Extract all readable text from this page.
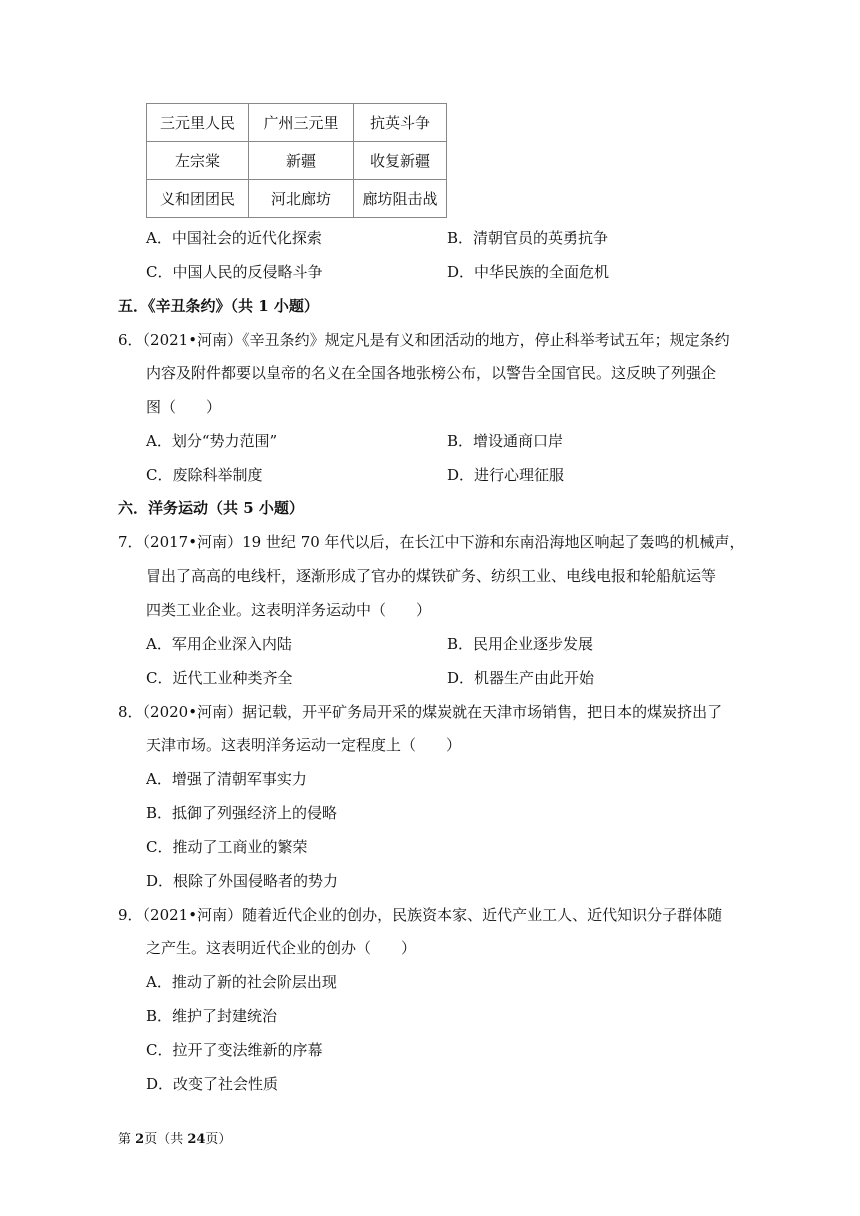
三元里人民	广州三元里	抗英斗争
左宗棠	新疆	收复新疆
义和团团民	河北廊坊	廊坊阻击战
A．中国社会的近代化探索	B．清朝官员的英勇抗争
C．中国人民的反侵略斗争	D．中华民族的全面危机
五．《辛丑条约》（共 1 小题）
6．（2021•河南）《辛丑条约》规定凡是有义和团活动的地方，停止科举考试五年；规定条约
内容及附件都要以皇帝的名义在全国各地张榜公布，以警告全国官民。这反映了列强企
图（　　）
A．划分“势力范围”	B．增设通商口岸
C．废除科举制度	D．进行心理征服
六．洋务运动（共 5 小题）
7．（2017•河南）19 世纪 70 年代以后，在长江中下游和东南沿海地区响起了轰鸣的机械声，
冒出了高高的电线杆，逐渐形成了官办的煤铁矿务、纺织工业、电线电报和轮船航运等
四类工业企业。这表明洋务运动中（　　）
A．军用企业深入内陆	B．民用企业逐步发展
C．近代工业种类齐全	D．机器生产由此开始
8．（2020•河南）据记载，开平矿务局开采的煤炭就在天津市场销售，把日本的煤炭挤出了
天津市场。这表明洋务运动一定程度上（　　）
A．增强了清朝军事实力
B．抵御了列强经济上的侵略
C．推动了工商业的繁荣
D．根除了外国侵略者的势力
9．（2021•河南）随着近代企业的创办，民族资本家、近代产业工人、近代知识分子群体随
之产生。这表明近代企业的创办（　　）
A．推动了新的社会阶层出现
B．维护了封建统治
C．拉开了变法维新的序幕
D．改变了社会性质
第 2页（共 24页）
